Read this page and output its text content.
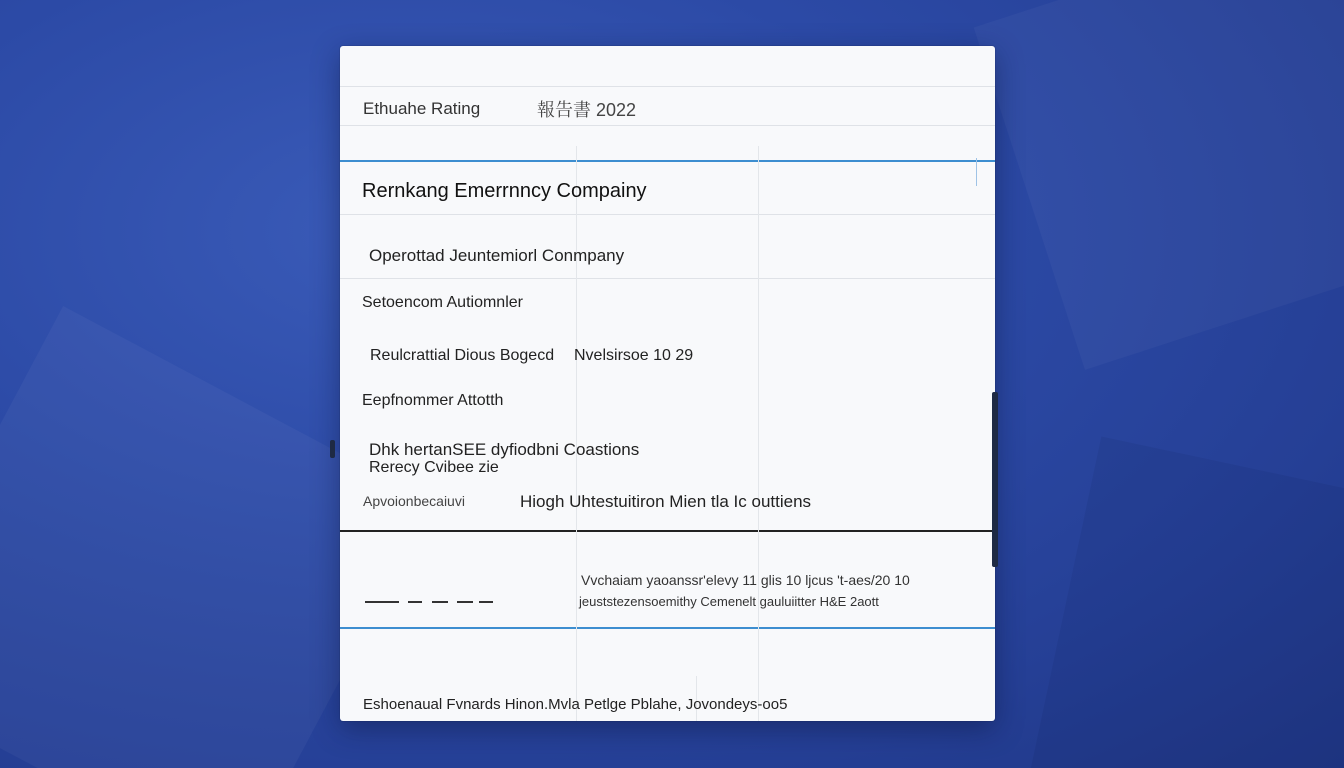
Ethuahe Rating	報告書 2022
Rernkang Emerrnncy Compainy
Operottad Jeuntemiorl Conmpany
Setoencom Autiomnler
Reulcrattial Dious Bogecd Nvelsirsoe 10 29
Eepfnommer Attotth
Dhk hertanSEE dyfiodbni Coastions
Rerecy Cvibee zie
Apvoionbecaiuvi	Hiogh Uhtestuitiron Mien tla Ic outtiens
Vvchaiam yaoanssr'elevy 11 glis 10 ljcus 't-aes/20 10
jeuststezensoemithy Cemenelt gauluiitter H&E 2aott
Eshoenaual Fvnards Hinon.Mvla Petlge Pblahe, Jovondeys-oo5
